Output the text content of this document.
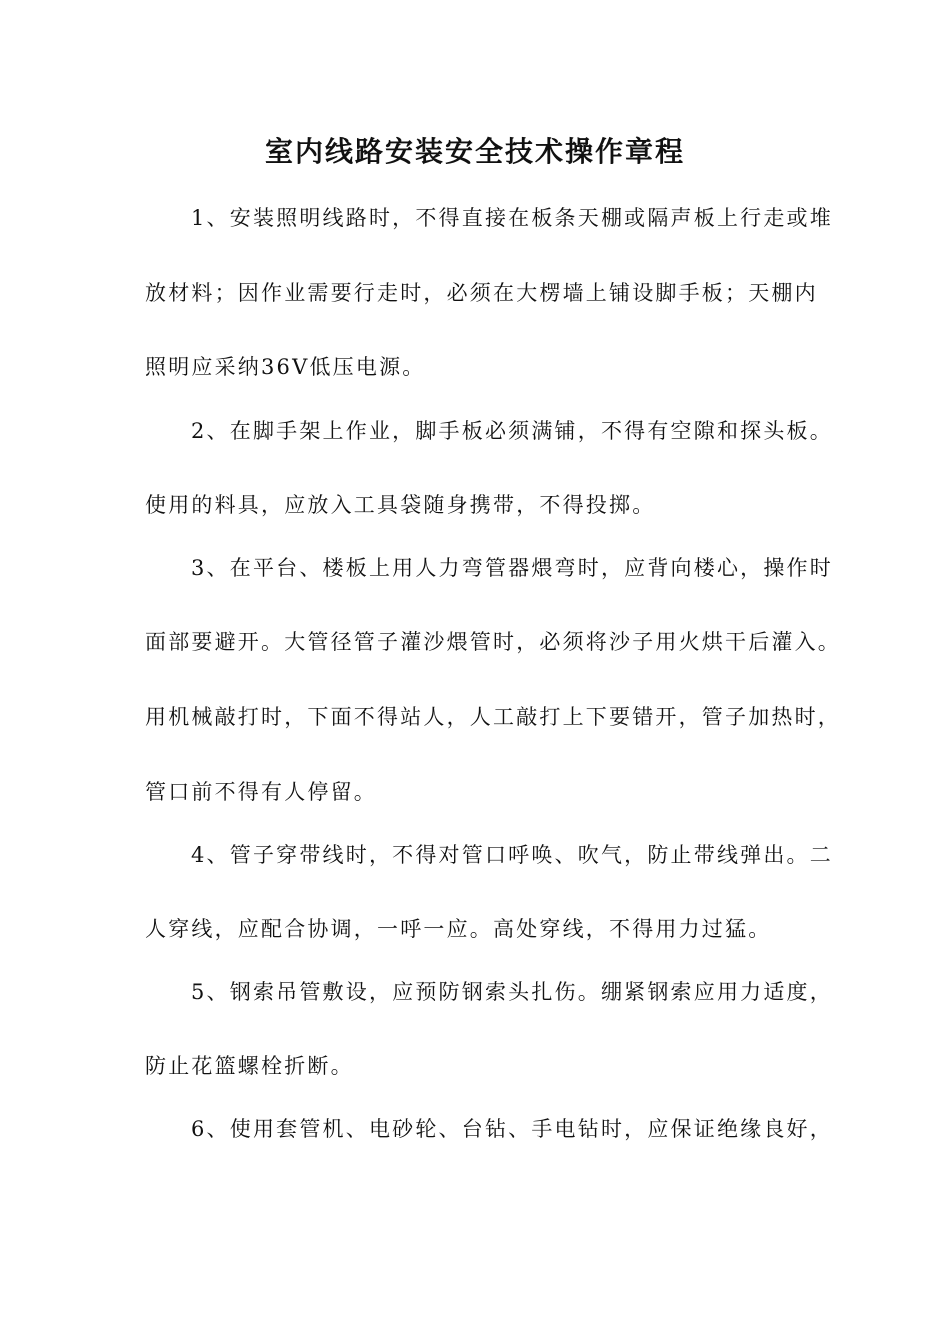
室内线路安装安全技术操作章程
1、安装照明线路时，不得直接在板条天棚或隔声板上行走或堆
放材料；因作业需要行走时，必须在大楞墙上铺设脚手板；天棚内
照明应采纳36V低压电源。
2、在脚手架上作业，脚手板必须满铺，不得有空隙和探头板。
使用的料具，应放入工具袋随身携带，不得投掷。
3、在平台、楼板上用人力弯管器煨弯时，应背向楼心，操作时
面部要避开。大管径管子灌沙煨管时，必须将沙子用火烘干后灌入。
用机械敲打时，下面不得站人，人工敲打上下要错开，管子加热时，
管口前不得有人停留。
4、管子穿带线时，不得对管口呼唤、吹气，防止带线弹出。二
人穿线，应配合协调，一呼一应。高处穿线，不得用力过猛。
5、钢索吊管敷设，应预防钢索头扎伤。绷紧钢索应用力适度，
防止花篮螺栓折断。
6、使用套管机、电砂轮、台钻、手电钻时，应保证绝缘良好，
